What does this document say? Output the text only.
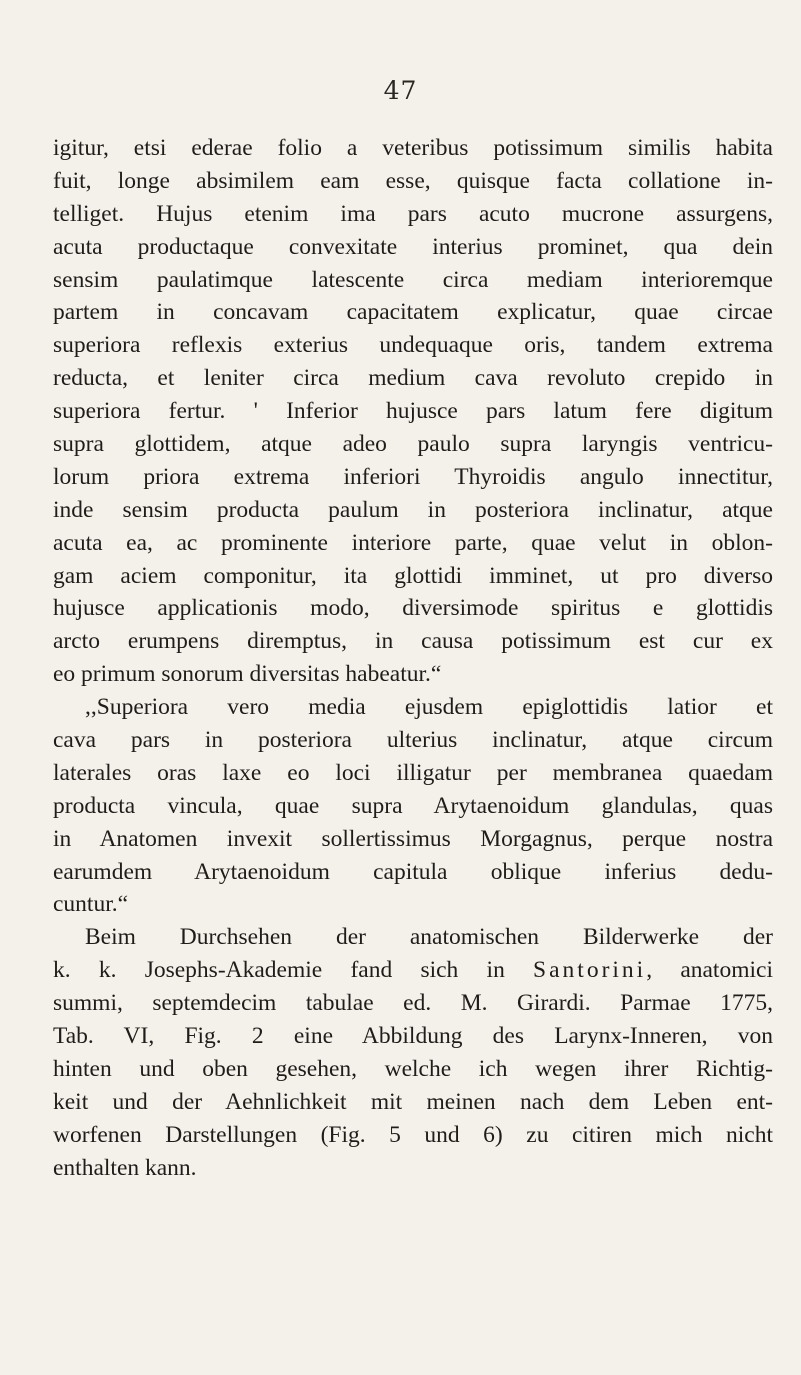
47
igitur, etsi ederae folio a veteribus potissimum similis habita
fuit, longe absimilem eam esse, quisque facta collatione in-
telliget. Hujus etenim ima pars acuto mucrone assurgens,
acuta productaque convexitate interius prominet, qua dein
sensim paulatimque latescente circa mediam interioremque
partem in concavam capacitatem explicatur, quae circae
superiora reflexis exterius undequaque oris, tandem extrema
reducta, et leniter circa medium cava revoluto crepido in
superiora fertur. ' Inferior hujusce pars latum fere digitum
supra glottidem, atque adeo paulo supra laryngis ventricu-
lorum priora extrema inferiori Thyroidis angulo innectitur,
inde sensim producta paulum in posteriora inclinatur, atque
acuta ea, ac prominente interiore parte, quae velut in oblon-
gam aciem componitur, ita glottidi imminet, ut pro diverso
hujusce applicationis modo, diversimode spiritus e glottidis
arcto erumpens diremptus, in causa potissimum est cur ex
eo primum sonorum diversitas habeatur.“
,,Superiora vero media ejusdem epiglottidis latior et
cava pars in posteriora ulterius inclinatur, atque circum
laterales oras laxe eo loci illigatur per membranea quaedam
producta vincula, quae supra Arytaenoidum glandulas, quas
in Anatomen invexit sollertissimus Morgagnus, perque nostra
earumdem Arytaenoidum capitula oblique inferius dedu-
cuntur.“
Beim Durchsehen der anatomischen Bilderwerke der
k. k. Josephs-Akademie fand sich in Santorini, anatomici
summi, septemdecim tabulae ed. M. Girardi. Parmae 1775,
Tab. VI, Fig. 2 eine Abbildung des Larynx-Inneren, von
hinten und oben gesehen, welche ich wegen ihrer Richtig-
keit und der Aehnlichkeit mit meinen nach dem Leben ent-
worfenen Darstellungen (Fig. 5 und 6) zu citiren mich nicht
enthalten kann.
